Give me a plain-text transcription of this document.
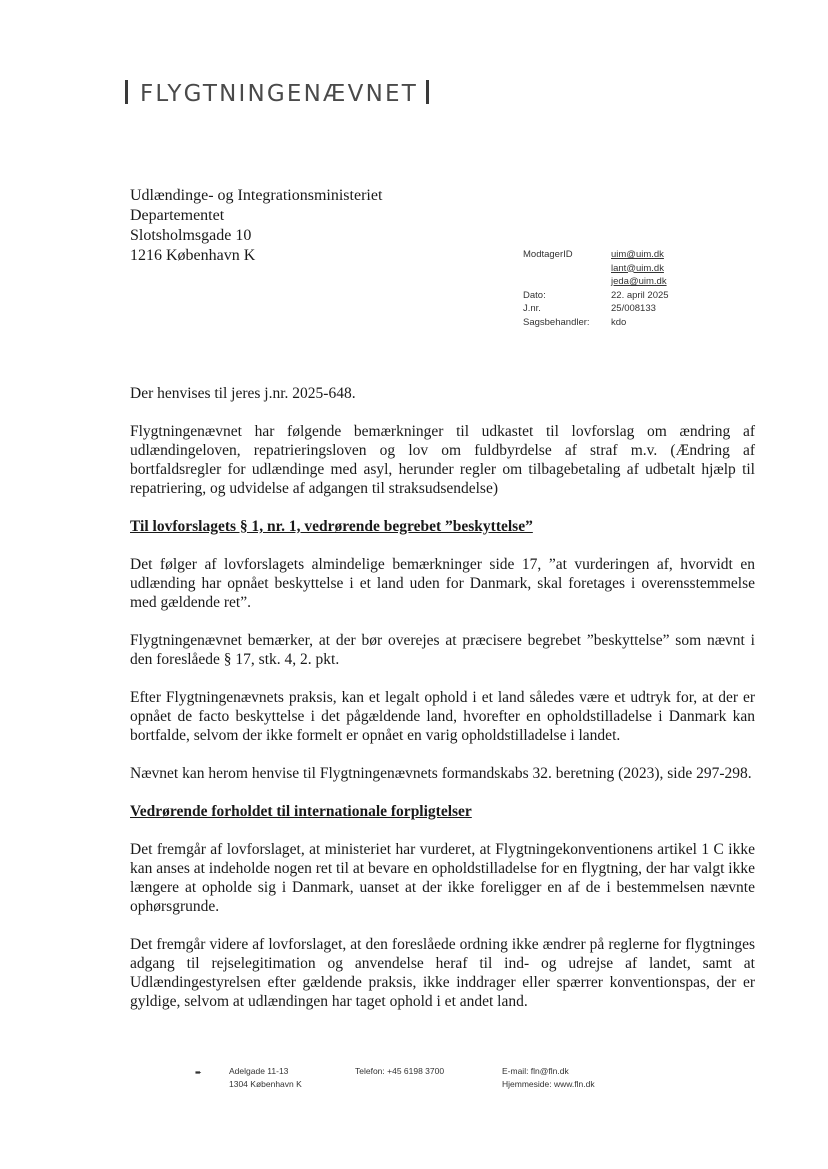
FLYGTNINGENÆVNET
Udlændinge- og Integrationsministeriet
Departementet
Slotsholmsgade 10
1216 København K	ModtagerID	uim@uim.dk
lant@uim.dk
jeda@uim.dk
Dato:	22. april 2025
J.nr.	25/008133
Sagsbehandler:	kdo

Der henvises til jeres j.nr. 2025-648.

Flygtningenævnet har følgende bemærkninger til udkastet til lovforslag om ændring af udlændingeloven, repatrieringsloven og lov om fuldbyrdelse af straf m.v. (Ændring af bortfaldsregler for udlændinge med asyl, herunder regler om tilbagebetaling af udbetalt hjælp til repatriering, og udvidelse af adgangen til straksudsendelse)

Til lovforslagets § 1, nr. 1, vedrørende begrebet ”beskyttelse”

Det følger af lovforslagets almindelige bemærkninger side 17, ”at vurderingen af, hvorvidt en udlænding har opnået beskyttelse i et land uden for Danmark, skal foretages i overensstemmelse med gældende ret”.

Flygtningenævnet bemærker, at der bør overejes at præcisere begrebet ”beskyttelse” som nævnt i den foreslåede § 17, stk. 4, 2. pkt.

Efter Flygtningenævnets praksis, kan et legalt ophold i et land således være et udtryk for, at der er opnået de facto beskyttelse i det pågældende land, hvorefter en opholdstilladelse i Danmark kan bortfalde, selvom der ikke formelt er opnået en varig opholdstilladelse i landet.

Nævnet kan herom henvise til Flygtningenævnets formandskabs 32. beretning (2023), side 297-298.

Vedrørende forholdet til internationale forpligtelser

Det fremgår af lovforslaget, at ministeriet har vurderet, at Flygtningekonventionens artikel 1 C ikke kan anses at indeholde nogen ret til at bevare en opholdstilladelse for en flygtning, der har valgt ikke længere at opholde sig i Danmark, uanset at der ikke foreligger en af de i bestemmelsen nævnte ophørsgrunde.

Det fremgår videre af lovforslaget, at den foreslåede ordning ikke ændrer på reglerne for flygtninges adgang til rejselegitimation og anvendelse heraf til ind- og udrejse af landet, samt at Udlændingestyrelsen efter gældende praksis, ikke inddrager eller spærrer konventionspas, der er gyldige, selvom at udlændingen har taget ophold i et andet land.

➨	Adelgade 11-13
1304 København K
Telefon: +45 6198 3700	E-mail: fln@fln.dk
Hjemmeside: www.fln.dk
